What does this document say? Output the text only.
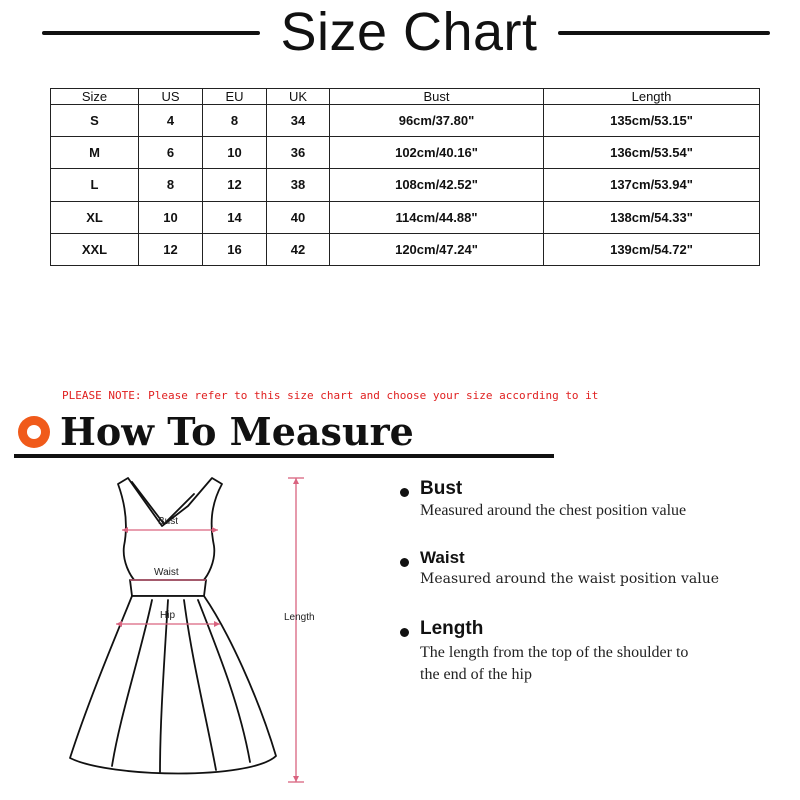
Size Chart
Size	US	EU	UK	Bust	Length
S	4	8	34	96cm/37.80"	135cm/53.15"
M	6	10	36	102cm/40.16"	136cm/53.54"
L	8	12	38	108cm/42.52"	137cm/53.94"
XL	10	14	40	114cm/44.88"	138cm/54.33"
XXL	12	16	42	120cm/47.24"	139cm/54.72"
PLEASE NOTE: Please refer to this size chart and choose your size according to it
How To Measure
Bust
Waist
Hip	Length
Bust
Measured around the chest position value
Waist
Measured around the waist position value
Length
The length from the top of the shoulder to
the end of the hip
